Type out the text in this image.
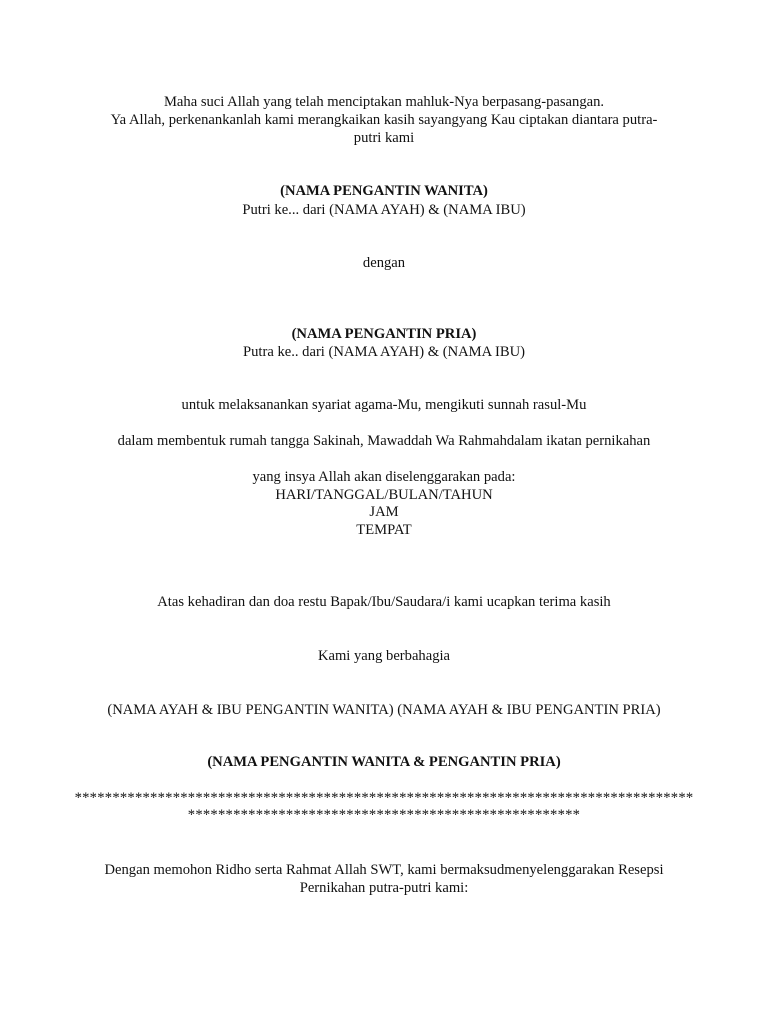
Maha suci Allah yang telah menciptakan mahluk-Nya berpasang-pasangan.
Ya Allah, perkenankanlah kami merangkaikan kasih sayangyang Kau ciptakan diantara putra-
putri kami
(NAMA PENGANTIN WANITA)
Putri ke... dari (NAMA AYAH) & (NAMA IBU)
dengan
(NAMA PENGANTIN PRIA)
Putra ke.. dari (NAMA AYAH) & (NAMA IBU)
untuk melaksanankan syariat agama-Mu, mengikuti sunnah rasul-Mu
dalam membentuk rumah tangga Sakinah, Mawaddah Wa Rahmahdalam ikatan pernikahan
yang insya Allah akan diselenggarakan pada:
HARI/TANGGAL/BULAN/TAHUN
JAM
TEMPAT
Atas kehadiran dan doa restu Bapak/Ibu/Saudara/i kami ucapkan terima kasih
Kami yang berbahagia
(NAMA AYAH & IBU PENGANTIN WANITA) (NAMA AYAH & IBU PENGANTIN PRIA)
(NAMA PENGANTIN WANITA & PENGANTIN PRIA)
**********************************************************************************
****************************************************
Dengan memohon Ridho serta Rahmat Allah SWT, kami bermaksudmenyelenggarakan Resepsi
Pernikahan putra-putri kami:
